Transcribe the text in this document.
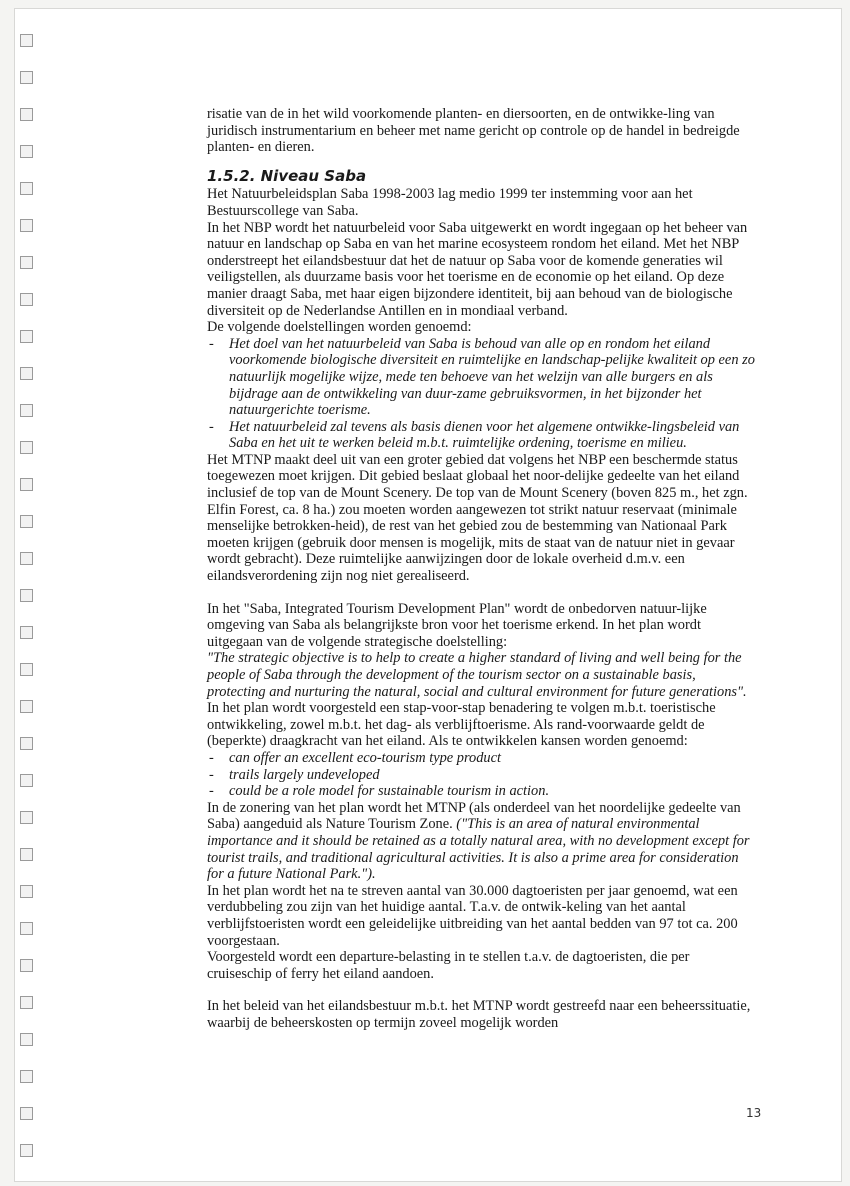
risatie van de in het wild voorkomende planten- en diersoorten, en de ontwikke-ling van juridisch instrumentarium en beheer met name gericht op controle op de handel in bedreigde planten- en dieren.

1.5.2. Niveau Saba

Het Natuurbeleidsplan Saba 1998-2003 lag medio 1999 ter instemming voor aan het Bestuurscollege van Saba.

In het NBP wordt het natuurbeleid voor Saba uitgewerkt en wordt ingegaan op het beheer van natuur en landschap op Saba en van het marine ecosysteem rondom het eiland. Met het NBP onderstreept het eilandsbestuur dat het de natuur op Saba voor de komende generaties wil veiligstellen, als duurzame basis voor het toerisme en de economie op het eiland. Op deze manier draagt Saba, met haar eigen bijzondere identiteit, bij aan behoud van de biologische diversiteit op de Nederlandse Antillen en in mondiaal verband.

De volgende doelstellingen worden genoemd:

- Het doel van het natuurbeleid van Saba is behoud van alle op en rondom het eiland voorkomende biologische diversiteit en ruimtelijke en landschap-pelijke kwaliteit op een zo natuurlijk mogelijke wijze, mede ten behoeve van het welzijn van alle burgers en als bijdrage aan de ontwikkeling van duur-zame gebruiksvormen, in het bijzonder het natuurgerichte toerisme.
- Het natuurbeleid zal tevens als basis dienen voor het algemene ontwikke-lingsbeleid van Saba en het uit te werken beleid m.b.t. ruimtelijke ordening, toerisme en milieu.

Het MTNP maakt deel uit van een groter gebied dat volgens het NBP een beschermde status toegewezen moet krijgen. Dit gebied beslaat globaal het noor-delijke gedeelte van het eiland inclusief de top van de Mount Scenery. De top van de Mount Scenery (boven 825 m., het zgn. Elfin Forest, ca. 8 ha.) zou moeten worden aangewezen tot strikt natuur reservaat (minimale menselijke betrokken-heid), de rest van het gebied zou de bestemming van Nationaal Park moeten krijgen (gebruik door mensen is mogelijk, mits de staat van de natuur niet in gevaar wordt gebracht). Deze ruimtelijke aanwijzingen door de lokale overheid d.m.v. een eilandsverordening zijn nog niet gerealiseerd.

In het "Saba, Integrated Tourism Development Plan" wordt de onbedorven natuur-lijke omgeving van Saba als belangrijkste bron voor het toerisme erkend. In het plan wordt uitgegaan van de volgende strategische doelstelling:

"The strategic objective is to help to create a higher standard of living and well being for the people of Saba through the development of the tourism sector on a sustainable basis, protecting and nurturing the natural, social and cultural environment for future generations".

In het plan wordt voorgesteld een stap-voor-stap benadering te volgen m.b.t. toeristische ontwikkeling, zowel m.b.t. het dag- als verblijftoerisme. Als rand-voorwaarde geldt de (beperkte) draagkracht van het eiland. Als te ontwikkelen kansen worden genoemd:

- can offer an excellent eco-tourism type product
- trails largely undeveloped
- could be a role model for sustainable tourism in action.

In de zonering van het plan wordt het MTNP (als onderdeel van het noordelijke gedeelte van Saba) aangeduid als Nature Tourism Zone. ("This is an area of natural environmental importance and it should be retained as a totally natural area, with no development except for tourist trails, and traditional agricultural activities. It is also a prime area for consideration for a future National Park.").

In het plan wordt het na te streven aantal van 30.000 dagtoeristen per jaar genoemd, wat een verdubbeling zou zijn van het huidige aantal. T.a.v. de ontwik-keling van het aantal verblijfstoeristen wordt een geleidelijke uitbreiding van het aantal bedden van 97 tot ca. 200 voorgestaan.

Voorgesteld wordt een departure-belasting in te stellen t.a.v. de dagtoeristen, die per cruiseschip of ferry het eiland aandoen.

In het beleid van het eilandsbestuur m.b.t. het MTNP wordt gestreefd naar een beheerssituatie, waarbij de beheerskosten op termijn zoveel mogelijk worden

13
